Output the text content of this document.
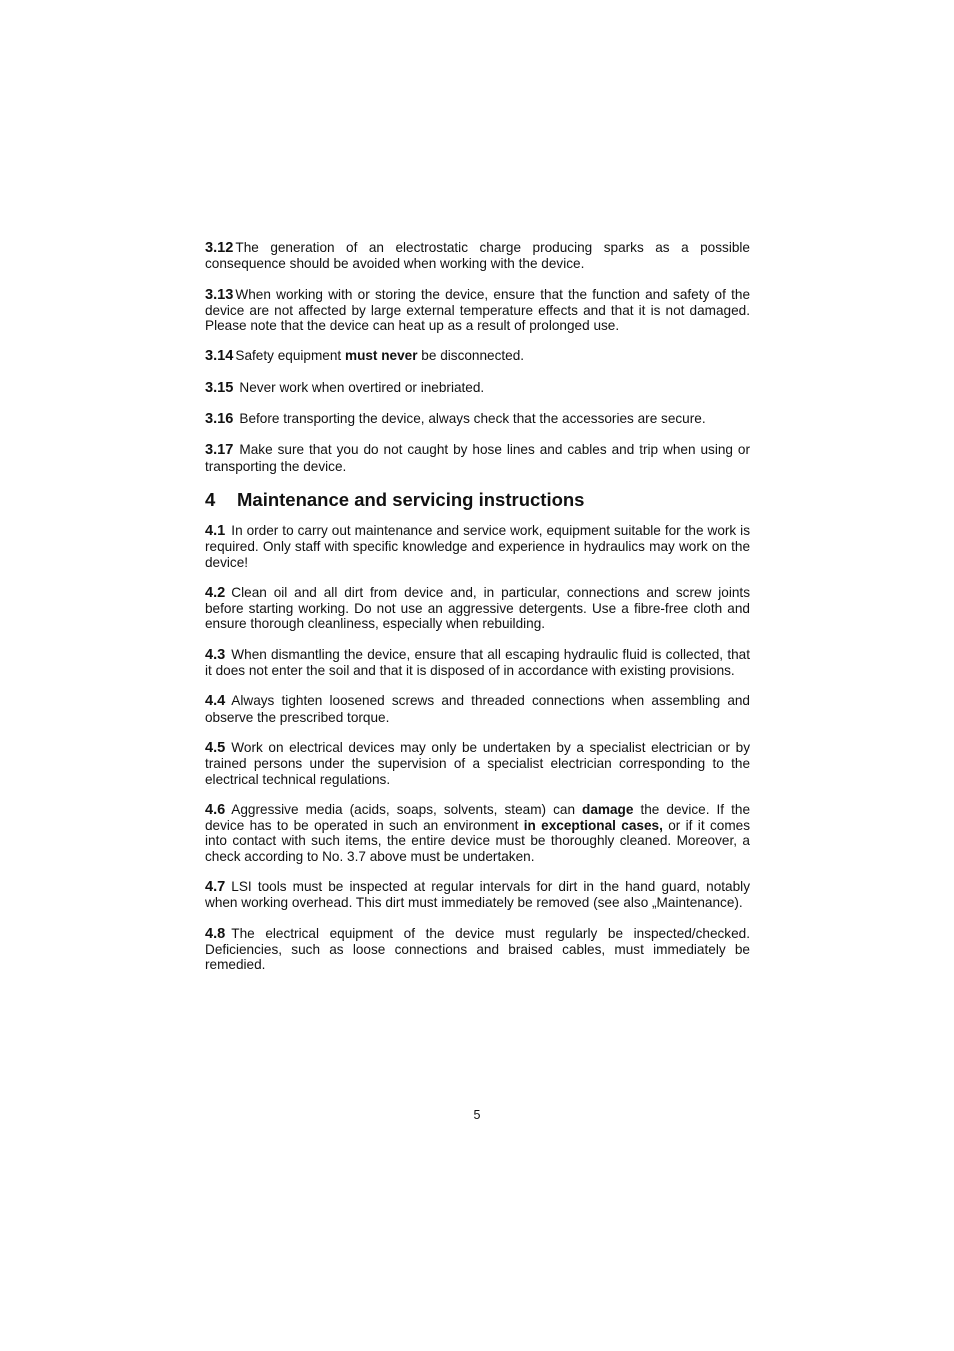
3.12 The generation of an electrostatic charge producing sparks as a possible consequence should be avoided when working with the device.

3.13 When working with or storing the device, ensure that the function and safety of the device are not affected by large external temperature effects and that it is not damaged. Please note that the device can heat up as a result of prolonged use.

3.14 Safety equipment must never be disconnected.

3.15 Never work when overtired or inebriated.

3.16 Before transporting the device, always check that the accessories are secure.

3.17 Make sure that you do not caught by hose lines and cables and trip when using or transporting the device.

4 Maintenance and servicing instructions

4.1 In order to carry out maintenance and service work, equipment suitable for the work is required. Only staff with specific knowledge and experience in hydraulics may work on the device!

4.2 Clean oil and all dirt from device and, in particular, connections and screw joints before starting working. Do not use an aggressive detergents. Use a fibre-free cloth and ensure thorough cleanliness, especially when rebuilding.

4.3 When dismantling the device, ensure that all escaping hydraulic fluid is collected, that it does not enter the soil and that it is disposed of in accordance with existing provisions.

4.4 Always tighten loosened screws and threaded connections when assembling and observe the prescribed torque.

4.5 Work on electrical devices may only be undertaken by a specialist electrician or by trained persons under the supervision of a specialist electrician corresponding to the electrical technical regulations.

4.6 Aggressive media (acids, soaps, solvents, steam) can damage the device. If the device has to be operated in such an environment in exceptional cases, or if it comes into contact with such items, the entire device must be thoroughly cleaned. Moreover, a check according to No. 3.7 above must be undertaken.

4.7 LSI tools must be inspected at regular intervals for dirt in the hand guard, notably when working overhead. This dirt must immediately be removed (see also „Maintenance).

4.8 The electrical equipment of the device must regularly be inspected/checked. Deficiencies, such as loose connections and braised cables, must immediately be remedied.

5
